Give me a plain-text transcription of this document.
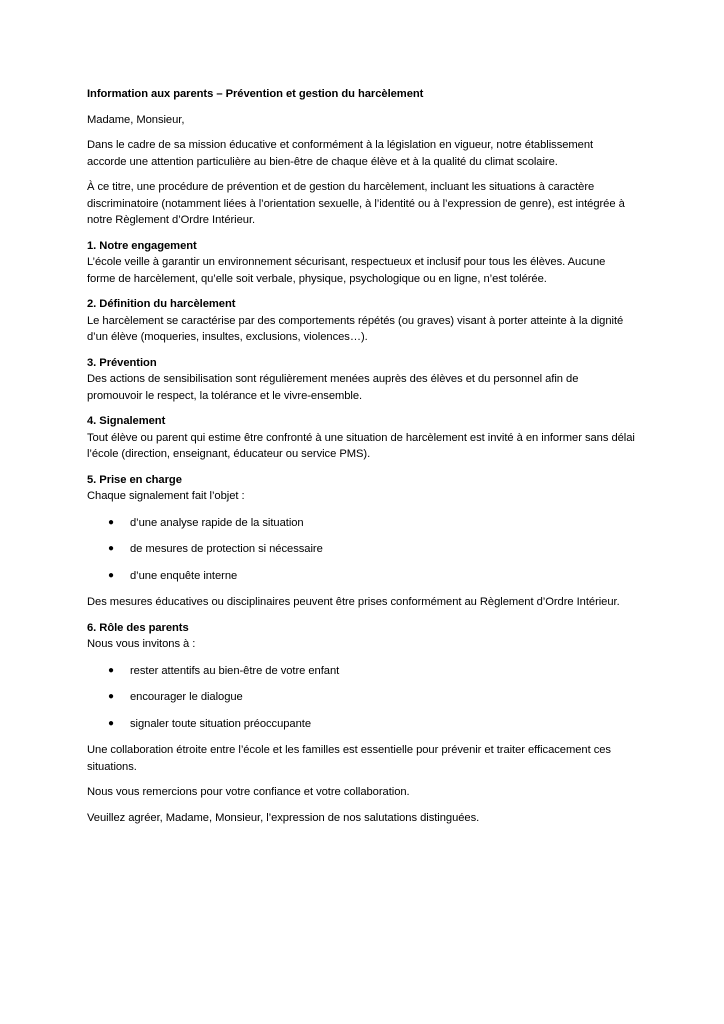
Information aux parents – Prévention et gestion du harcèlement

Madame, Monsieur,

Dans le cadre de sa mission éducative et conformément à la législation en vigueur, notre établissement accorde une attention particulière au bien-être de chaque élève et à la qualité du climat scolaire.

À ce titre, une procédure de prévention et de gestion du harcèlement, incluant les situations à caractère discriminatoire (notamment liées à l’orientation sexuelle, à l’identité ou à l’expression de genre), est intégrée à notre Règlement d’Ordre Intérieur.

1. Notre engagement
L’école veille à garantir un environnement sécurisant, respectueux et inclusif pour tous les élèves. Aucune forme de harcèlement, qu’elle soit verbale, physique, psychologique ou en ligne, n’est tolérée.
2. Définition du harcèlement
Le harcèlement se caractérise par des comportements répétés (ou graves) visant à porter atteinte à la dignité d’un élève (moqueries, insultes, exclusions, violences…).
3. Prévention
Des actions de sensibilisation sont régulièrement menées auprès des élèves et du personnel afin de promouvoir le respect, la tolérance et le vivre-ensemble.
4. Signalement
Tout élève ou parent qui estime être confronté à une situation de harcèlement est invité à en informer sans délai l’école (direction, enseignant, éducateur ou service PMS).
5. Prise en charge
Chaque signalement fait l’objet :
● d’une analyse rapide de la situation
● de mesures de protection si nécessaire
● d’une enquête interne
Des mesures éducatives ou disciplinaires peuvent être prises conformément au Règlement d’Ordre Intérieur.
6. Rôle des parents
Nous vous invitons à :
● rester attentifs au bien-être de votre enfant
● encourager le dialogue
● signaler toute situation préoccupante
Une collaboration étroite entre l’école et les familles est essentielle pour prévenir et traiter efficacement ces situations.

Nous vous remercions pour votre confiance et votre collaboration.

Veuillez agréer, Madame, Monsieur, l’expression de nos salutations distinguées.
